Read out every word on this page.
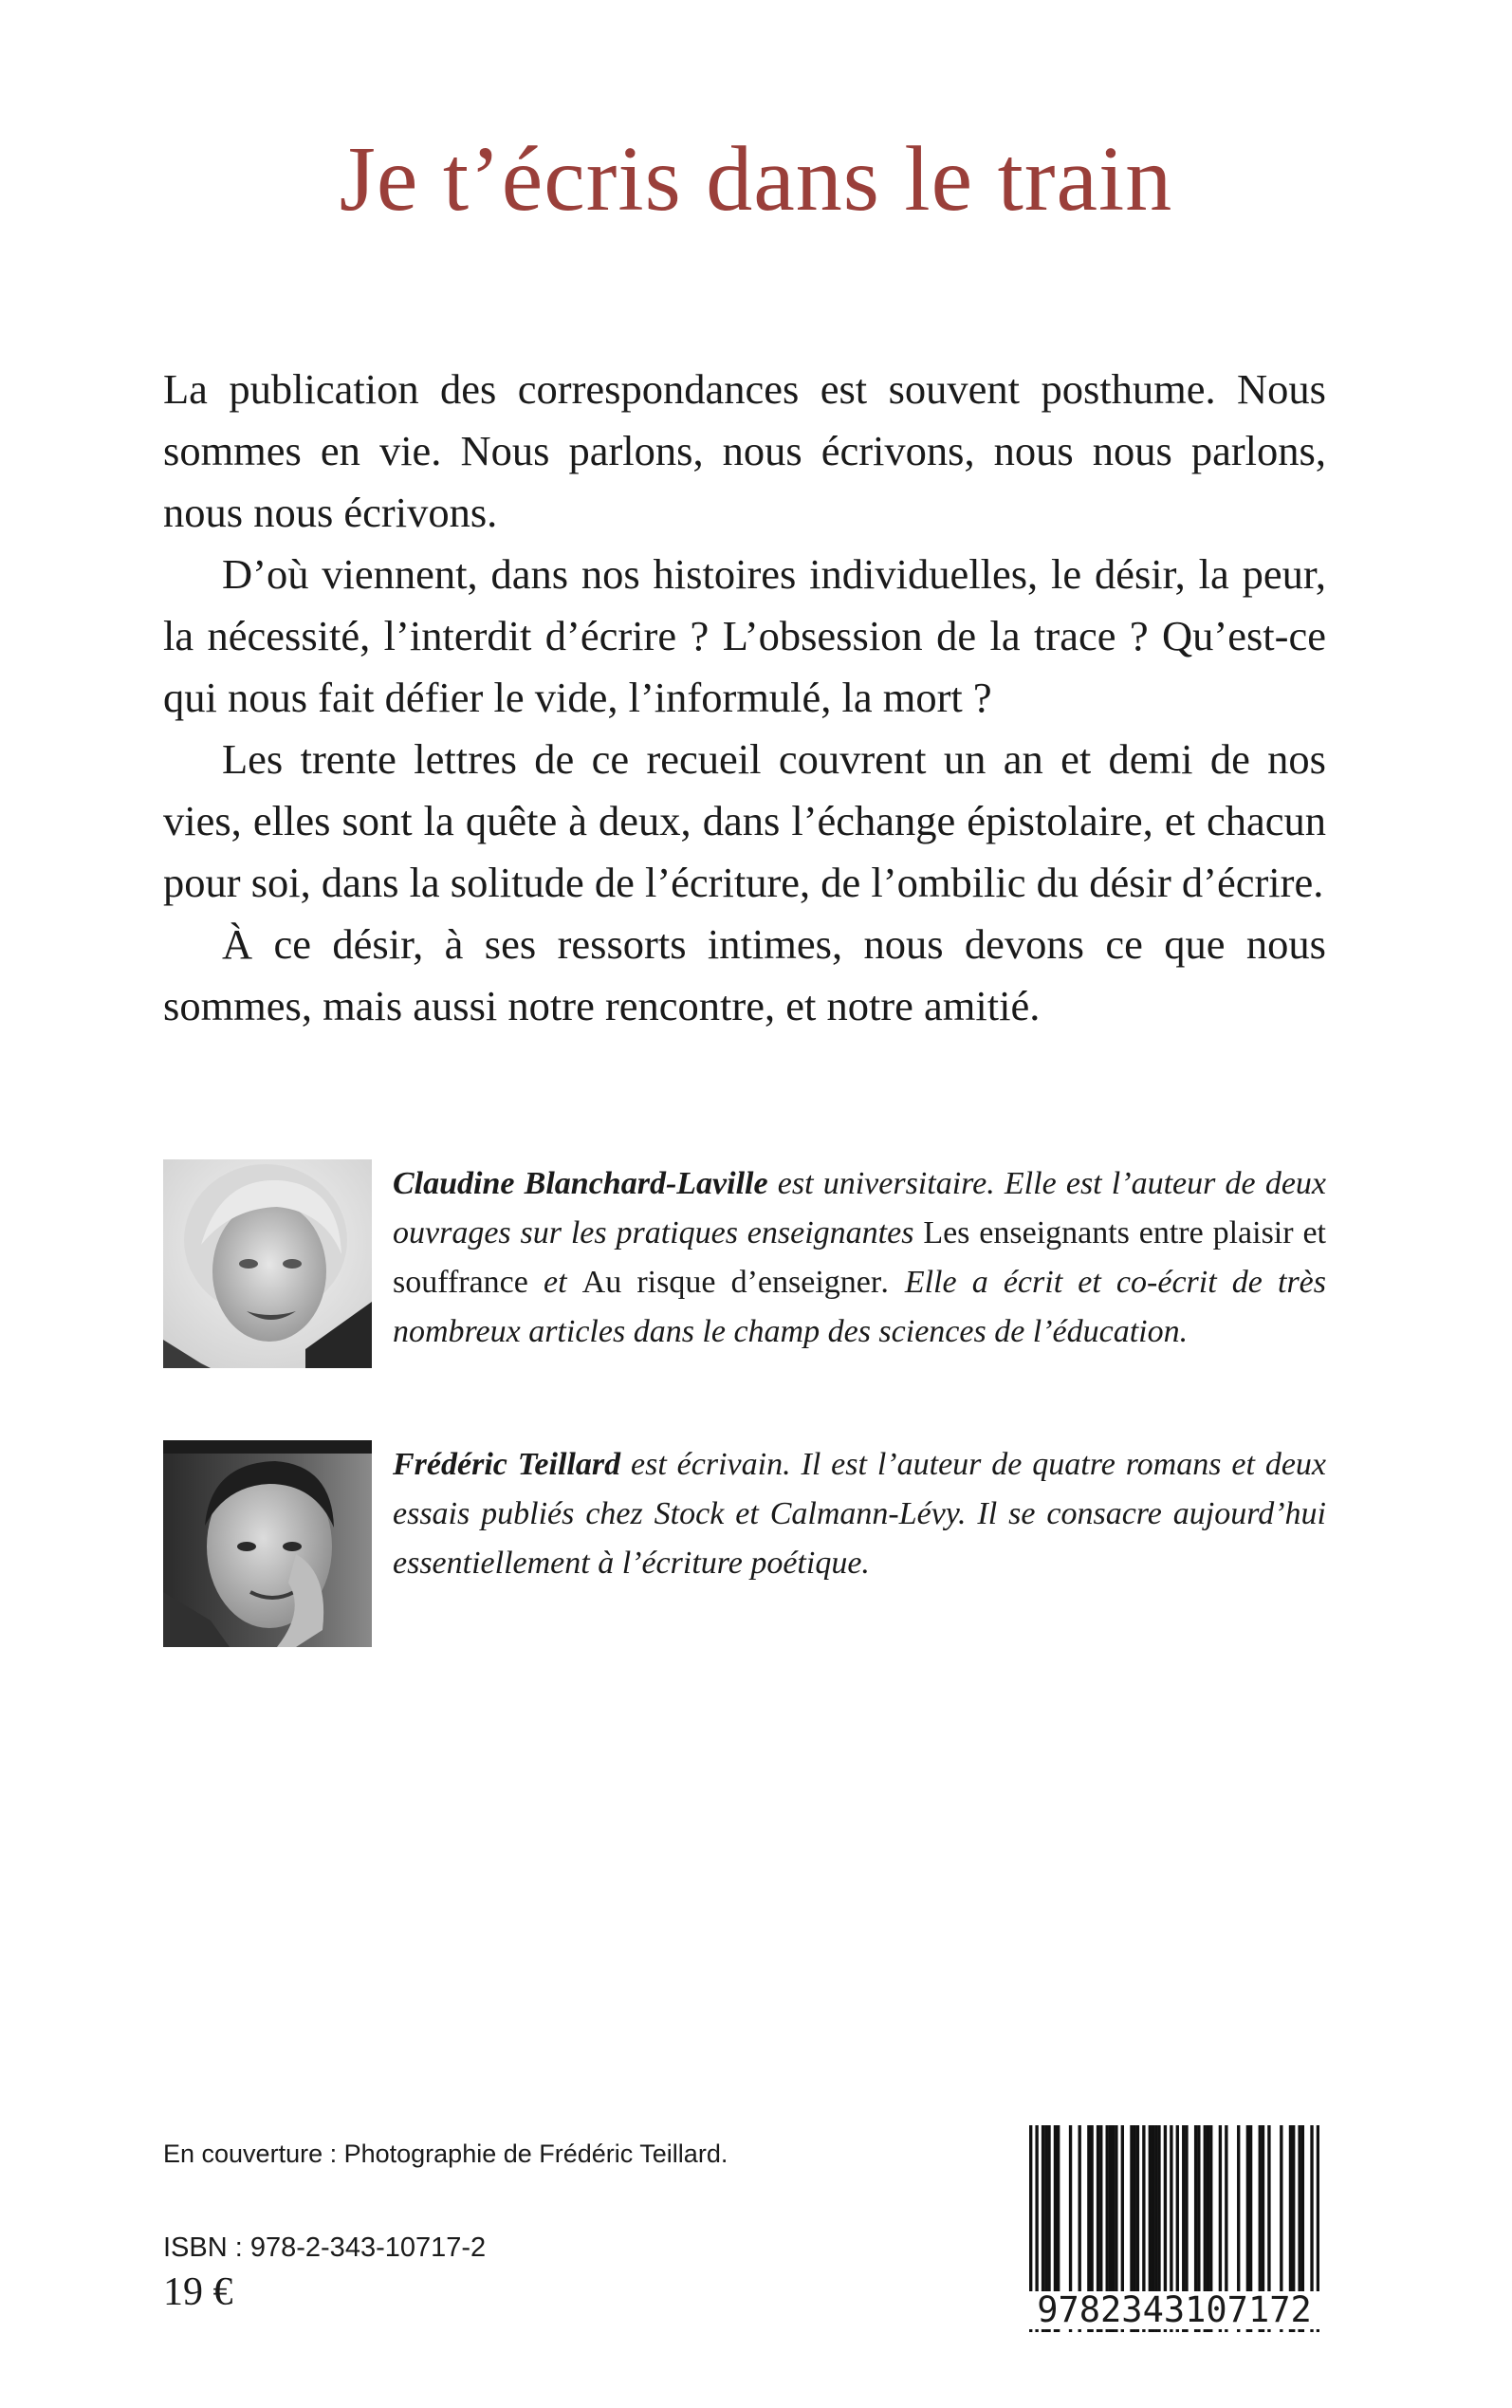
Je t’écris dans le train

La publication des correspondances est souvent posthume. Nous sommes en vie. Nous parlons, nous écrivons, nous nous parlons, nous nous écrivons.

D’où viennent, dans nos histoires individuelles, le désir, la peur, la nécessité, l’interdit d’écrire ? L’obsession de la trace ? Qu’est-ce qui nous fait défier le vide, l’informulé, la mort ?

Les trente lettres de ce recueil couvrent un an et demi de nos vies, elles sont la quête à deux, dans l’échange épistolaire, et chacun pour soi, dans la solitude de l’écriture, de l’ombilic du désir d’écrire.

À ce désir, à ses ressorts intimes, nous devons ce que nous sommes, mais aussi notre rencontre, et notre amitié.

Claudine Blanchard-Laville est universitaire. Elle est l’auteur de deux ouvrages sur les pratiques enseignantes Les enseignants entre plaisir et souffrance et Au risque d’enseigner. Elle a écrit et co-écrit de très nombreux articles dans le champ des sciences de l’éducation.

Frédéric Teillard est écrivain. Il est l’auteur de quatre romans et deux essais publiés chez Stock et Calmann-Lévy. Il se consacre aujourd’hui essentiellement à l’écriture poétique.

En couverture : Photographie de Frédéric Teillard.
ISBN : 978-2-343-10717-2
19 €	9782343107172
